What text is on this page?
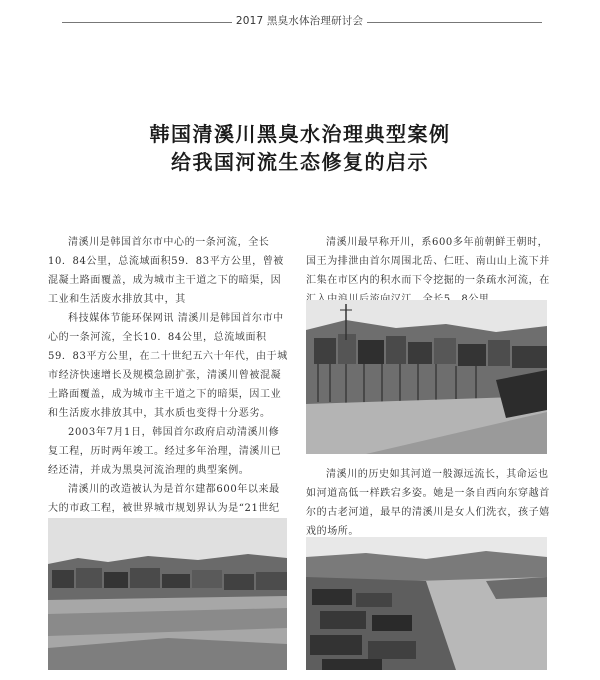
2017 黑臭水体治理研讨会
韩国清溪川黑臭水治理典型案例
给我国河流生态修复的启示

清溪川是韩国首尔市中心的一条河流，全长10．84公里，总流域面积59．83平方公里，曾被混凝土路面覆盖，成为城市主干道之下的暗渠，因工业和生活废水排放其中，其

科技媒体节能环保网讯 清溪川是韩国首尔市中心的一条河流，全长10．84公里，总流域面积59．83平方公里，在二十世纪五六十年代，由于城市经济快速增长及规模急剧扩张，清溪川曾被混凝土路面覆盖，成为城市主干道之下的暗渠，因工业和生活废水排放其中，其水质也变得十分恶劣。

2003年7月1日，韩国首尔政府启动清溪川修复工程，历时两年竣工。经过多年治理，清溪川已经还清，并成为黑臭河流治理的典型案例。

清溪川的改造被认为是首尔建都600年以来最大的市政工程，被世界城市规划界认为是“21世纪

清溪川最早称开川，系600多年前朝鲜王朝时，国王为排泄由首尔周围北岳、仁旺、南山山上流下并汇集在市区内的积水而下令挖掘的一条疏水河流，在

清溪川的历史如其河道一般源远流长，其命运也如河道高低一样跌宕多姿。她是一条自西向东穿越首尔的古老河道，最早的清溪川是女人们洗衣，孩子嬉戏的场所。
